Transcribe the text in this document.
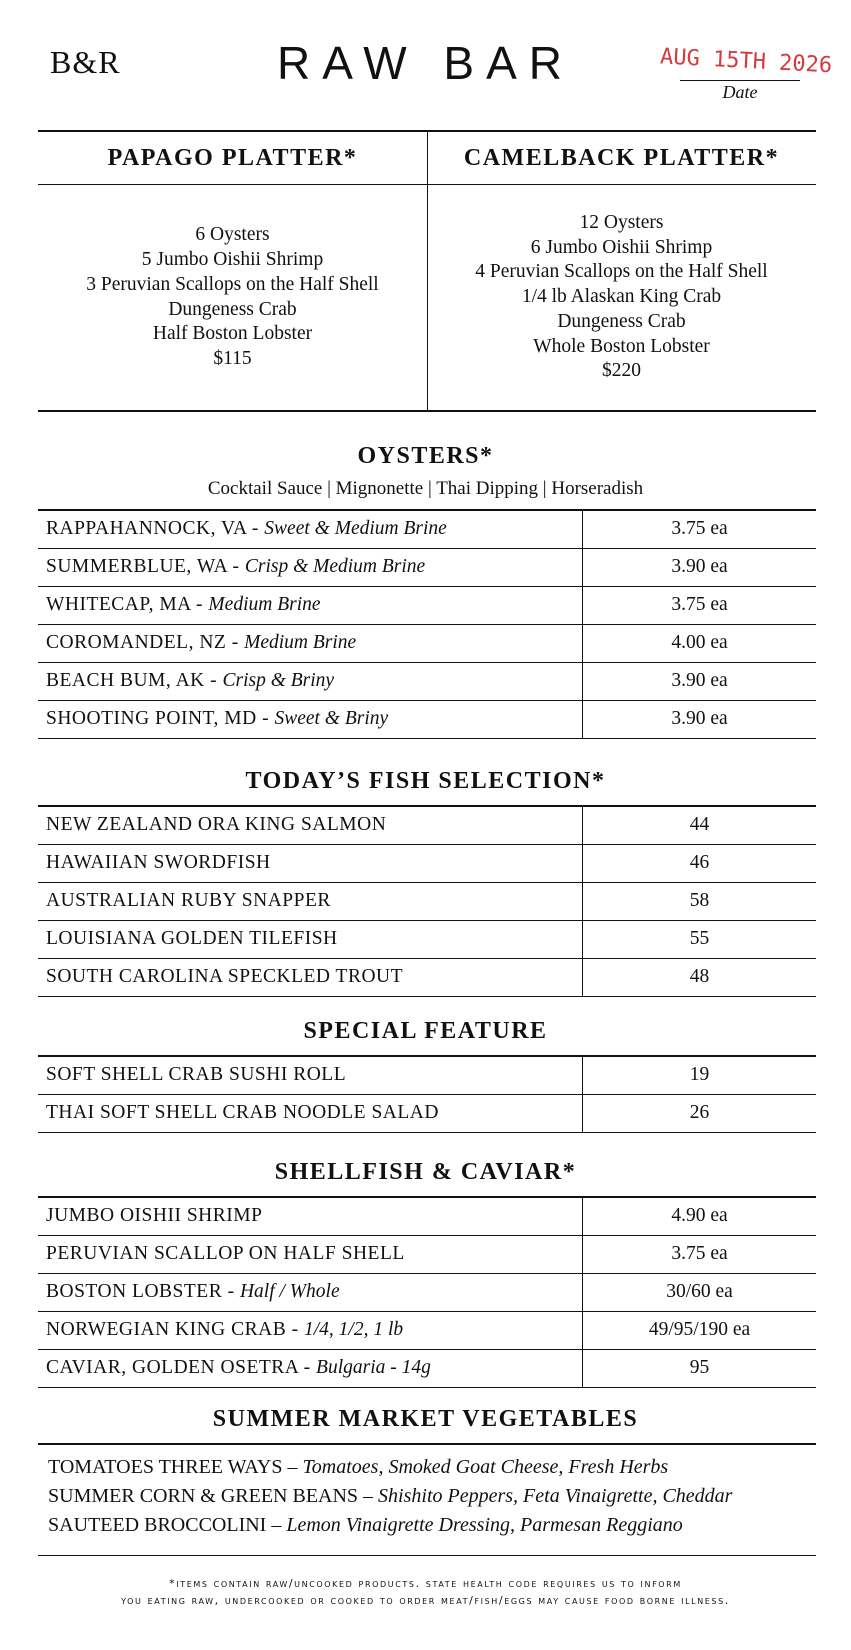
B&R	RAW BAR	AUG 15TH 2026
Date
PAPAGO PLATTER*
6 Oysters
5 Jumbo Oishii Shrimp
3 Peruvian Scallops on the Half Shell
Dungeness Crab
Half Boston Lobster
$115
CAMELBACK PLATTER*
12 Oysters
6 Jumbo Oishii Shrimp
4 Peruvian Scallops on the Half Shell
1/4 lb Alaskan King Crab
Dungeness Crab
Whole Boston Lobster
$220
OYSTERS*
Cocktail Sauce | Mignonette | Thai Dipping | Horseradish
RAPPAHANNOCK, VA - Sweet & Medium Brine	3.75 ea
SUMMERBLUE, WA - Crisp & Medium Brine	3.90 ea
WHITECAP, MA - Medium Brine	3.75 ea
COROMANDEL, NZ - Medium Brine	4.00 ea
BEACH BUM, AK - Crisp & Briny	3.90 ea
SHOOTING POINT, MD - Sweet & Briny	3.90 ea
TODAY’S FISH SELECTION*
NEW ZEALAND ORA KING SALMON	44
HAWAIIAN SWORDFISH	46
AUSTRALIAN RUBY SNAPPER	58
LOUISIANA GOLDEN TILEFISH	55
SOUTH CAROLINA SPECKLED TROUT	48
SPECIAL FEATURE
SOFT SHELL CRAB SUSHI ROLL	19
THAI SOFT SHELL CRAB NOODLE SALAD	26
SHELLFISH & CAVIAR*
JUMBO OISHII SHRIMP	4.90 ea
PERUVIAN SCALLOP ON HALF SHELL	3.75 ea
BOSTON LOBSTER - Half / Whole	30/60 ea
NORWEGIAN KING CRAB - 1/4, 1/2, 1 lb	49/95/190 ea
CAVIAR, GOLDEN OSETRA - Bulgaria - 14g	95
SUMMER MARKET VEGETABLES
TOMATOES THREE WAYS – Tomatoes, Smoked Goat Cheese, Fresh Herbs
SUMMER CORN & GREEN BEANS – Shishito Peppers, Feta Vinaigrette, Cheddar
SAUTEED BROCCOLINI – Lemon Vinaigrette Dressing, Parmesan Reggiano
*items contain raw/uncooked products. state health code requires us to inform
you eating raw, undercooked or cooked to order meat/fish/eggs may cause food borne illness.
